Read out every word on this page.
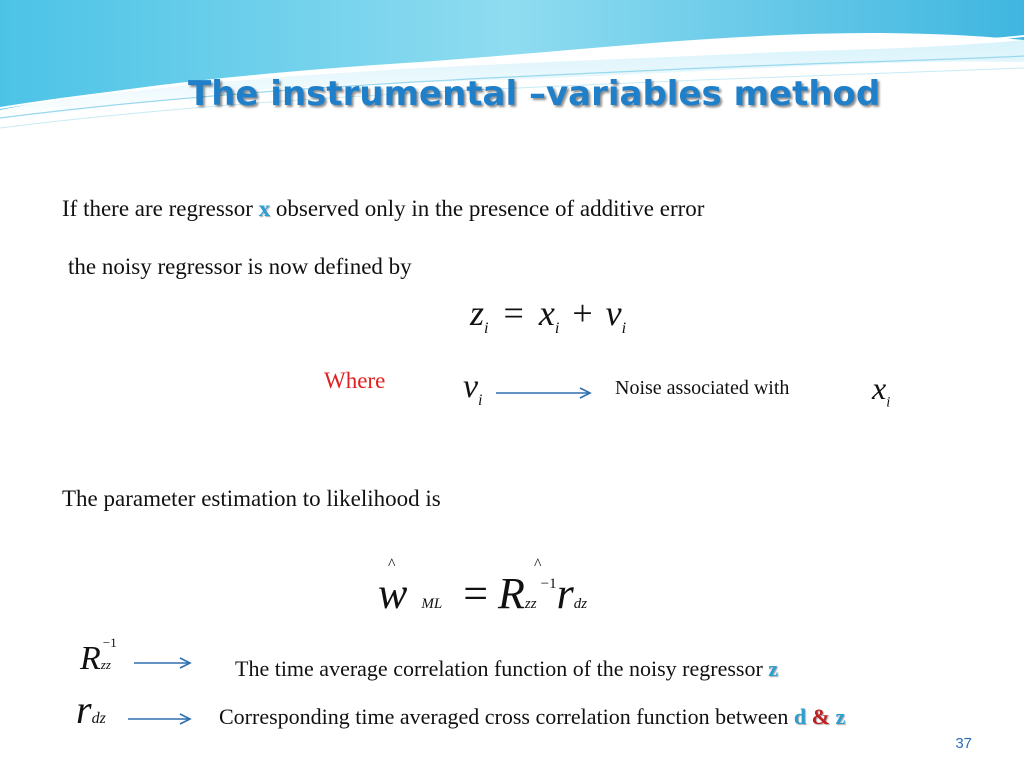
The instrumental –variables method
If there are regressor x observed only in the presence of additive error
the noisy regressor is now defined by
$z_i = x_i + v_i$
Where $v_i$
Noise associated with	$x_i$
The parameter estimation to likelihood is
^	^
w ML = Rzz$^{-1}$rdz
Rzz$^{-1}$
The time average correlation function of the noisy regressor z
rdz	Corresponding time averaged cross correlation function between d & z
37
